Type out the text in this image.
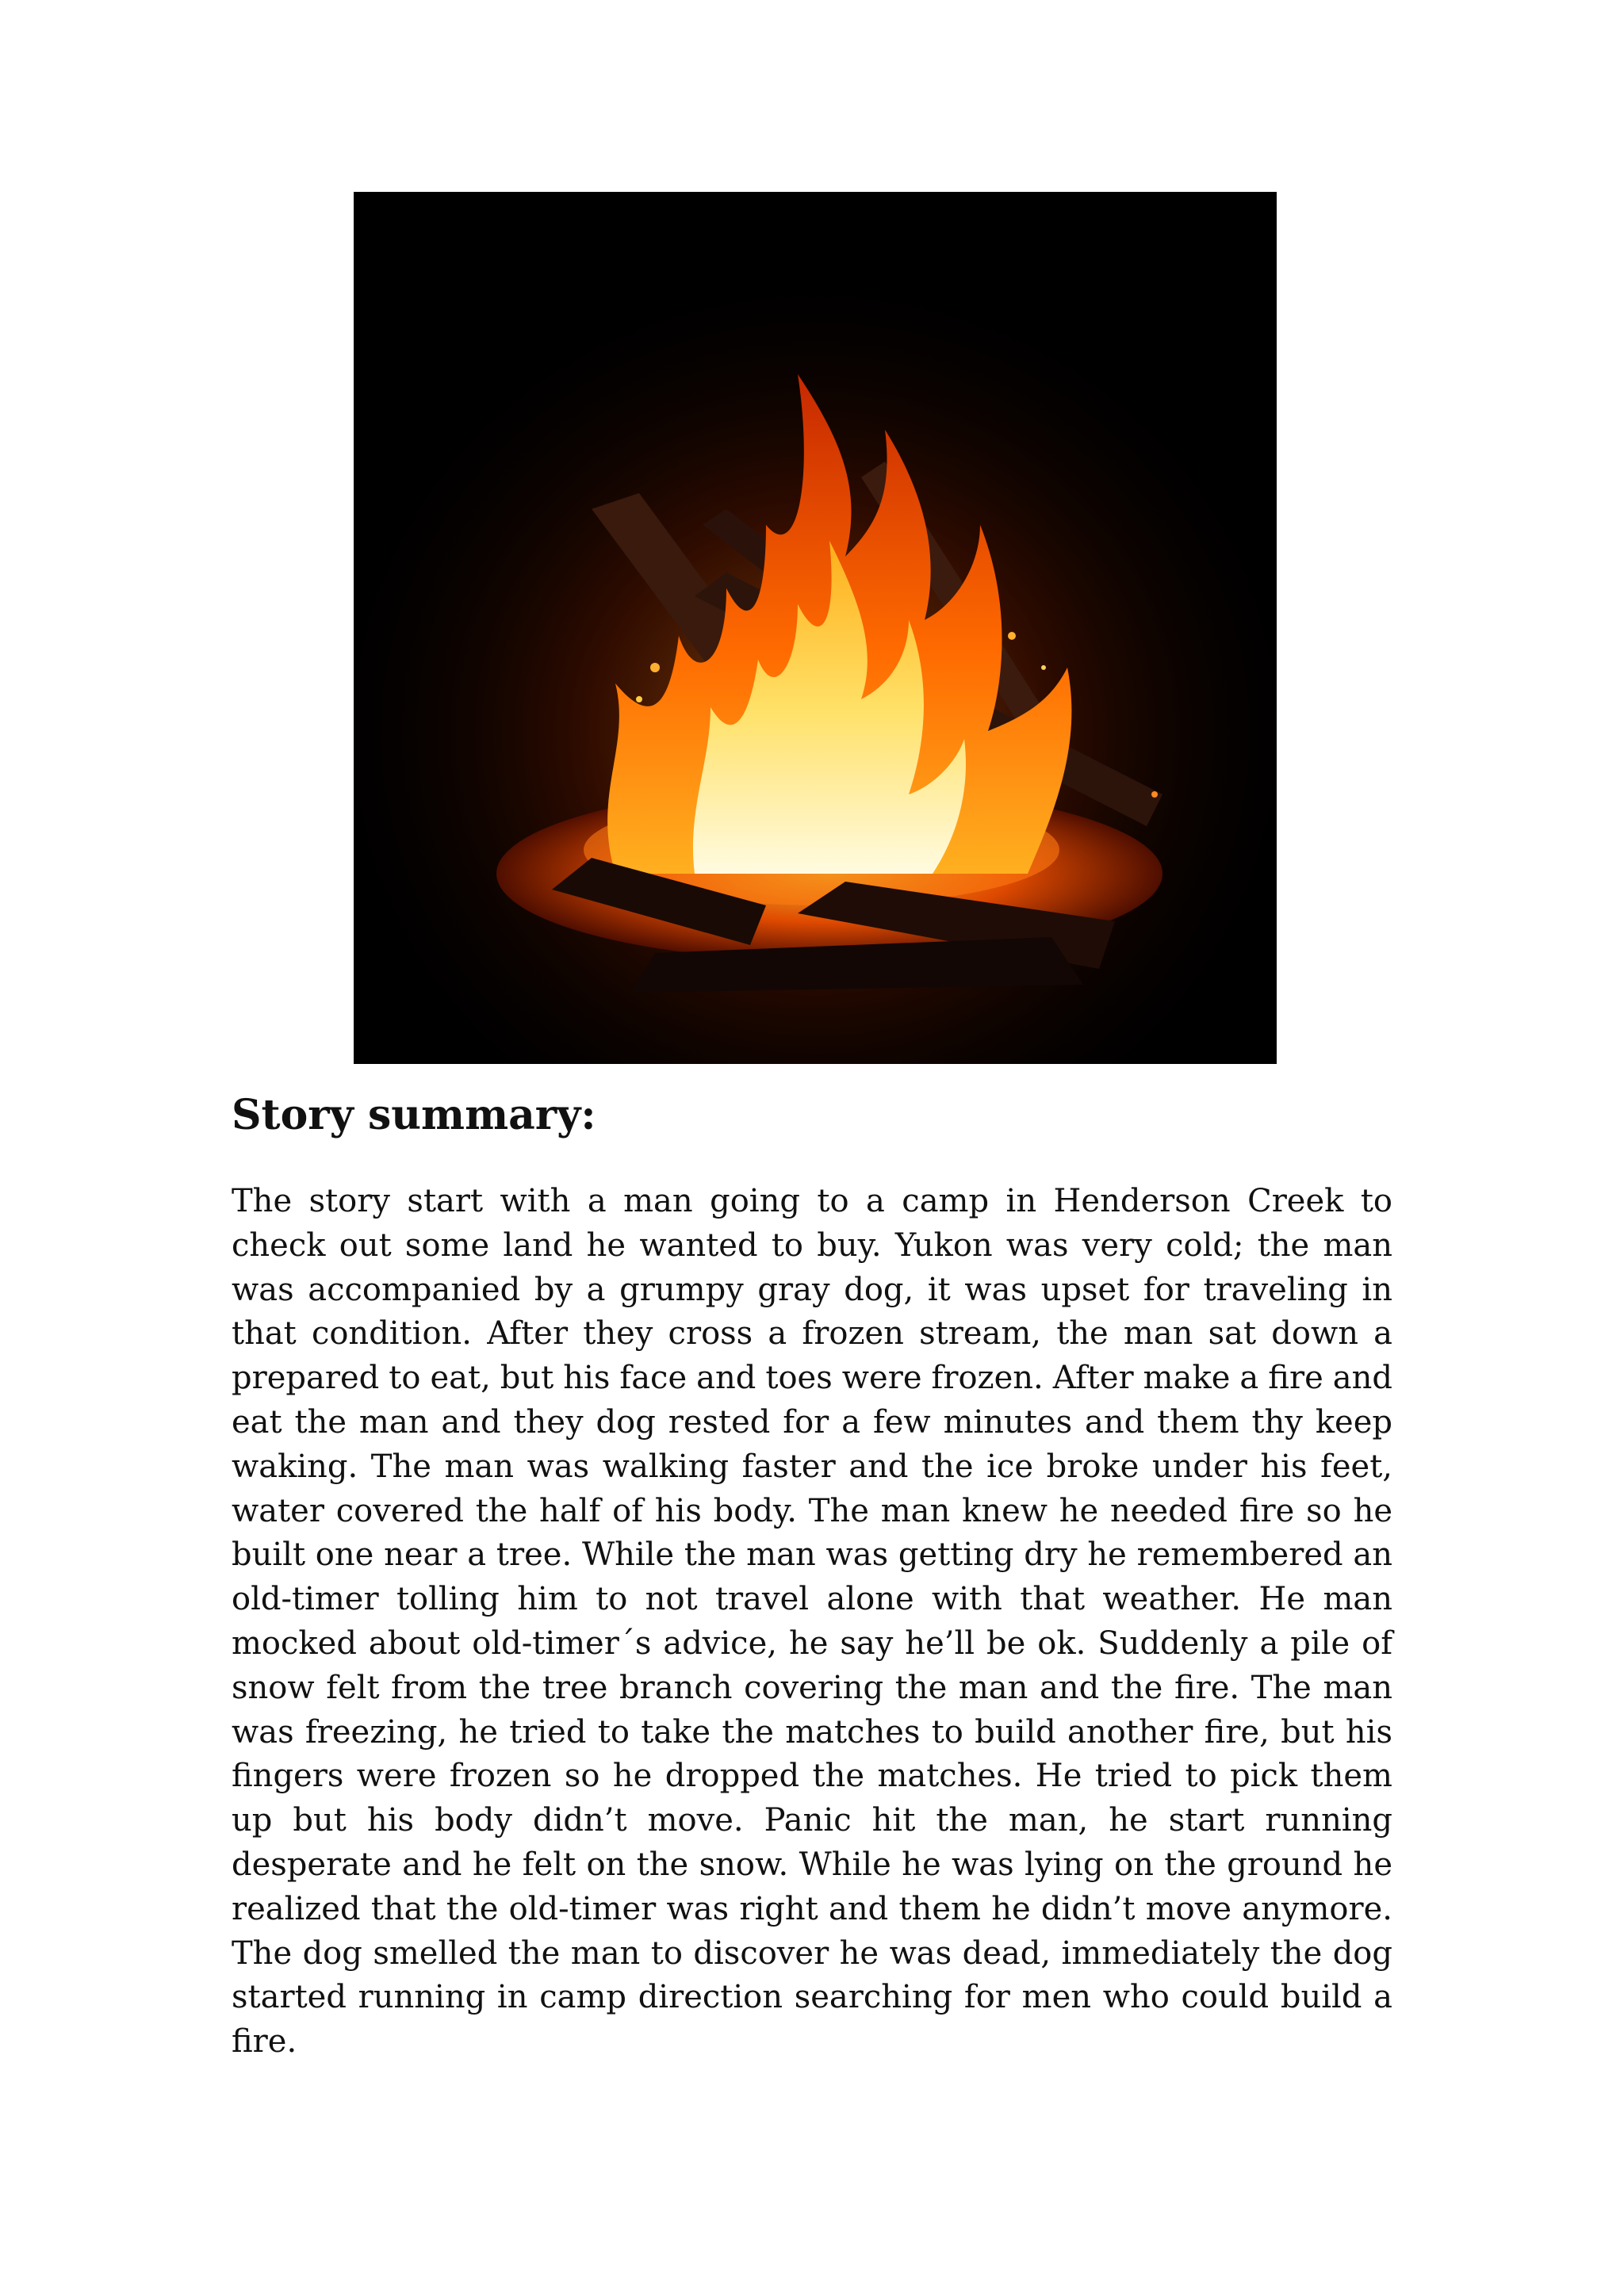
Story summary:

The story start with a man going to a camp in Henderson Creek to check out some land he wanted to buy. Yukon was very cold; the man was accompanied by a grumpy gray dog, it was upset for traveling in that condition. After they cross a frozen stream, the man sat down a prepared to eat, but his face and toes were frozen. After make a fire and eat the man and they dog rested for a few minutes and them thy keep waking. The man was walking faster and the ice broke under his feet, water covered the half of his body. The man knew he needed fire so he built one near a tree. While the man was getting dry he remembered an old-timer tolling him to not travel alone with that weather. He man mocked about old-timer´s advice, he say he’ll be ok. Suddenly a pile of snow felt from the tree branch covering the man and the fire. The man was freezing, he tried to take the matches to build another fire, but his fingers were frozen so he dropped the matches. He tried to pick them up but his body didn’t move. Panic hit the man, he start running desperate and he felt on the snow. While he was lying on the ground he realized that the old-timer was right and them he didn’t move anymore. The dog smelled the man to discover he was dead, immediately the dog started running in camp direction searching for men who could build a fire.
